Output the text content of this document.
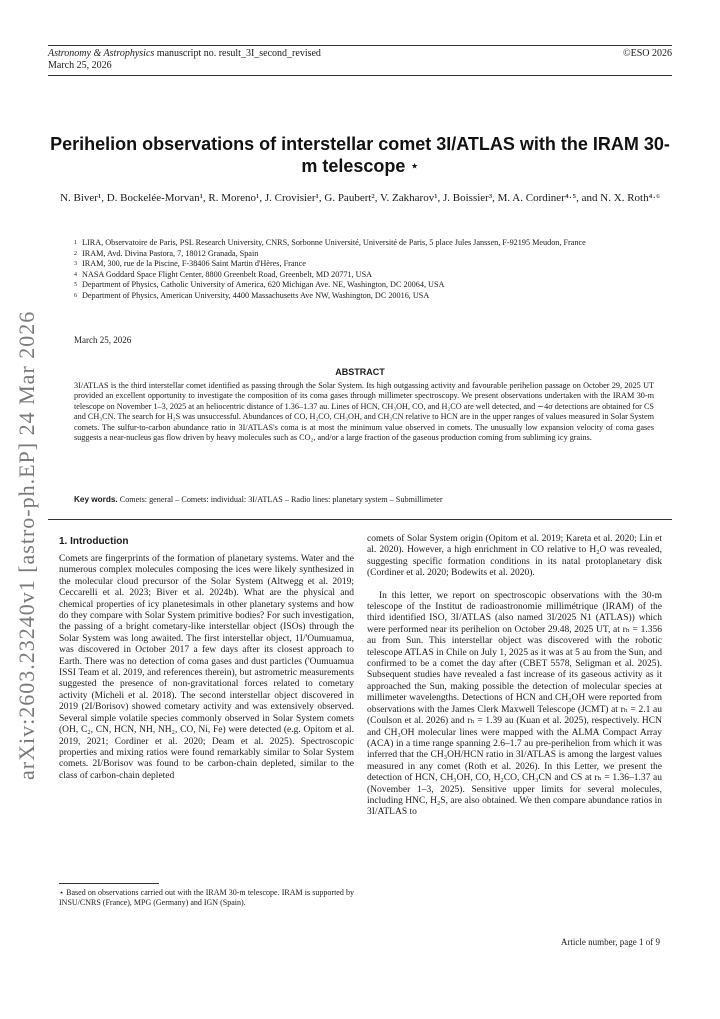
Astronomy & Astrophysics manuscript no. result_3I_second_revised
March 25, 2026
©ESO 2026
arXiv:2603.23240v1 [astro-ph.EP] 24 Mar 2026
Perihelion observations of interstellar comet 3I/ATLAS with the IRAM 30-m telescope ⋆
N. Biver¹, D. Bockelée-Morvan¹, R. Moreno¹, J. Crovisier¹, G. Paubert², V. Zakharov¹, J. Boissier³, M. A. Cordiner⁴·⁵, and N. X. Roth⁴·⁶
1 LIRA, Observatoire de Paris, PSL Research University, CNRS, Sorbonne Université, Université de Paris, 5 place Jules Janssen, F-92195 Meudon, France
2 IRAM, Avd. Divina Pastora, 7, 18012 Granada, Spain
3 IRAM, 300, rue de la Piscine, F-38406 Saint Martin d'Hères, France
4 NASA Goddard Space Flight Center, 8800 Greenbelt Road, Greenbelt, MD 20771, USA
5 Department of Physics, Catholic University of America, 620 Michigan Ave. NE, Washington, DC 20064, USA
6 Department of Physics, American University, 4400 Massachusetts Ave NW, Washington, DC 20016, USA
March 25, 2026
ABSTRACT
3I/ATLAS is the third interstellar comet identified as passing through the Solar System. Its high outgassing activity and favourable perihelion passage on October 29, 2025 UT provided an excellent opportunity to investigate the composition of its coma gases through millimeter spectroscopy. We present observations undertaken with the IRAM 30-m telescope on November 1–3, 2025 at an heliocentric distance of 1.36–1.37 au. Lines of HCN, CH₃OH, CO, and H₂CO are well detected, and ∼4σ detections are obtained for CS and CH₃CN. The search for H₂S was unsuccessful. Abundances of CO, H₂CO, CH₃OH, and CH₃CN relative to HCN are in the upper ranges of values measured in Solar System comets. The sulfur-to-carbon abundance ratio in 3I/ATLAS's coma is at most the minimum value observed in comets. The unusually low expansion velocity of coma gases suggests a near-nucleus gas flow driven by heavy molecules such as CO₂, and/or a large fraction of the gaseous production coming from subliming icy grains.
Key words. Comets: general – Comets: individual: 3I/ATLAS – Radio lines: planetary system – Submillimeter
1. Introduction
Comets are fingerprints of the formation of planetary systems. Water and the numerous complex molecules composing the ices were likely synthesized in the molecular cloud precursor of the Solar System (Altwegg et al. 2019; Ceccarelli et al. 2023; Biver et al. 2024b). What are the physical and chemical properties of icy planetesimals in other planetary systems and how do they compare with Solar System primitive bodies? For such investigation, the passing of a bright cometary-like interstellar object (ISOs) through the Solar System was long awaited. The first interstellar object, 1I/'Oumuamua, was discovered in October 2017 a few days after its closest approach to Earth. There was no detection of coma gases and dust particles ('Oumuamua ISSI Team et al. 2019, and references therein), but astrometric measurements suggested the presence of non-gravitational forces related to cometary activity (Micheli et al. 2018). The second interstellar object discovered in 2019 (2I/Borisov) showed cometary activity and was extensively observed. Several simple volatile species commonly observed in Solar System comets (OH, C₂, CN, HCN, NH, NH₂, CO, Ni, Fe) were detected (e.g. Opitom et al. 2019, 2021; Cordiner et al. 2020; Deam et al. 2025). Spectroscopic properties and mixing ratios were found remarkably similar to Solar System comets. 2I/Borisov was found to be carbon-chain depleted, similar to the class of carbon-chain depleted

comets of Solar System origin (Opitom et al. 2019; Kareta et al. 2020; Lin et al. 2020). However, a high enrichment in CO relative to H₂O was revealed, suggesting specific formation conditions in its natal protoplanetary disk (Cordiner et al. 2020; Bodewits et al. 2020).

In this letter, we report on spectroscopic observations with the 30-m telescope of the Institut de radioastronomie millimétrique (IRAM) of the third identified ISO, 3I/ATLAS (also named 3I/2025 N1 (ATLAS)) which were performed near its perihelion on October 29.48, 2025 UT, at rₕ = 1.356 au from Sun. This interstellar object was discovered with the robotic telescope ATLAS in Chile on July 1, 2025 as it was at 5 au from the Sun, and confirmed to be a comet the day after (CBET 5578, Seligman et al. 2025). Subsequent studies have revealed a fast increase of its gaseous activity as it approached the Sun, making possible the detection of molecular species at millimeter wavelengths. Detections of HCN and CH₃OH were reported from observations with the James Clerk Maxwell Telescope (JCMT) at rₕ = 2.1 au (Coulson et al. 2026) and rₕ = 1.39 au (Kuan et al. 2025), respectively. HCN and CH₃OH molecular lines were mapped with the ALMA Compact Array (ACA) in a time range spanning 2.6–1.7 au pre-perihelion from which it was inferred that the CH₃OH/HCN ratio in 3I/ATLAS is among the largest values measured in any comet (Roth et al. 2026). In this Letter, we present the detection of HCN, CH₃OH, CO, H₂CO, CH₃CN and CS at rₕ = 1.36–1.37 au (November 1–3, 2025). Sensitive upper limits for several molecules, including HNC, H₂S, are also obtained. We then compare abundance ratios in 3I/ATLAS to

⋆ Based on observations carried out with the IRAM 30-m telescope. IRAM is supported by INSU/CNRS (France), MPG (Germany) and IGN (Spain).
Article number, page 1 of 9
